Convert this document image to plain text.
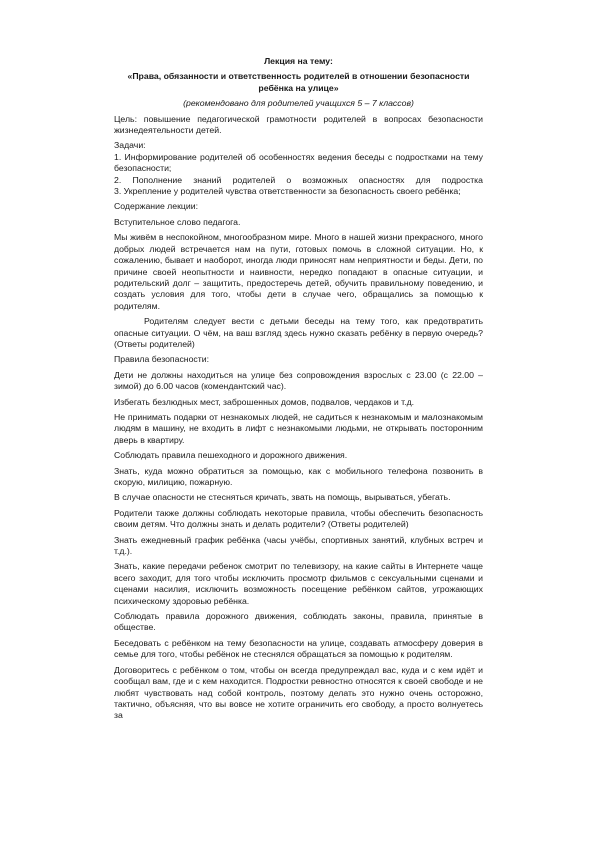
Лекция на тему:
«Права, обязанности и ответственность родителей в отношении безопасности ребёнка на улице»
(рекомендовано для родителей учащихся 5 – 7 классов)

Цель: повышение педагогической грамотности родителей в вопросах безопасности жизнедеятельности детей.

Задачи:

1. Информирование родителей об особенностях ведения беседы с подростками на тему безопасности;
2. Пополнение знаний родителей о возможных опасностях для подростка
3. Укрепление у родителей чувства ответственности за безопасность своего ребёнка;

Содержание лекции:

Вступительное слово педагога.

Мы живём в неспокойном, многообразном мире. Много в нашей жизни прекрасного, много добрых людей встречается нам на пути, готовых помочь в сложной ситуации. Но, к сожалению, бывает и наоборот, иногда люди приносят нам неприятности и беды. Дети, по причине своей неопытности и наивности, нередко попадают в опасные ситуации, и родительский долг – защитить, предостеречь детей, обучить правильному поведению, и создать условия для того, чтобы дети в случае чего, обращались за помощью к родителям.

Родителям следует вести с детьми беседы на тему того, как предотвратить опасные ситуации. О чём, на ваш взгляд здесь нужно сказать ребёнку в первую очередь? (Ответы родителей)

Правила безопасности:

Дети не должны находиться на улице без сопровождения взрослых с 23.00 (с 22.00 – зимой) до 6.00 часов (комендантский час).

Избегать безлюдных мест, заброшенных домов, подвалов, чердаков и т.д.

Не принимать подарки от незнакомых людей, не садиться к незнакомым и малознакомым людям в машину, не входить в лифт с незнакомыми людьми, не открывать посторонним дверь в квартиру.

Соблюдать правила пешеходного и дорожного движения.

Знать, куда можно обратиться за помощью, как с мобильного телефона позвонить в скорую, милицию, пожарную.

В случае опасности не стесняться кричать, звать на помощь, вырываться, убегать.

Родители также должны соблюдать некоторые правила, чтобы обеспечить безопасность своим детям. Что должны знать и делать родители? (Ответы родителей)

Знать ежедневный график ребёнка (часы учёбы, спортивных занятий, клубных встреч и т.д.).

Знать, какие передачи ребенок смотрит по телевизору, на какие сайты в Интернете чаще всего заходит, для того чтобы исключить просмотр фильмов с сексуальными сценами и сценами насилия, исключить возможность посещение ребёнком сайтов, угрожающих психическому здоровью ребёнка.

Соблюдать правила дорожного движения, соблюдать законы, правила, принятые в обществе.

Беседовать с ребёнком на тему безопасности на улице, создавать атмосферу доверия в семье для того, чтобы ребёнок не стеснялся обращаться за помощью к родителям.

Договоритесь с ребёнком о том, чтобы он всегда предупреждал вас, куда и с кем идёт и сообщал вам, где и с кем находится. Подростки ревностно относятся к своей свободе и не любят чувствовать над собой контроль, поэтому делать это нужно очень осторожно, тактично, объясняя, что вы вовсе не хотите ограничить его свободу, а просто волнуетесь за
